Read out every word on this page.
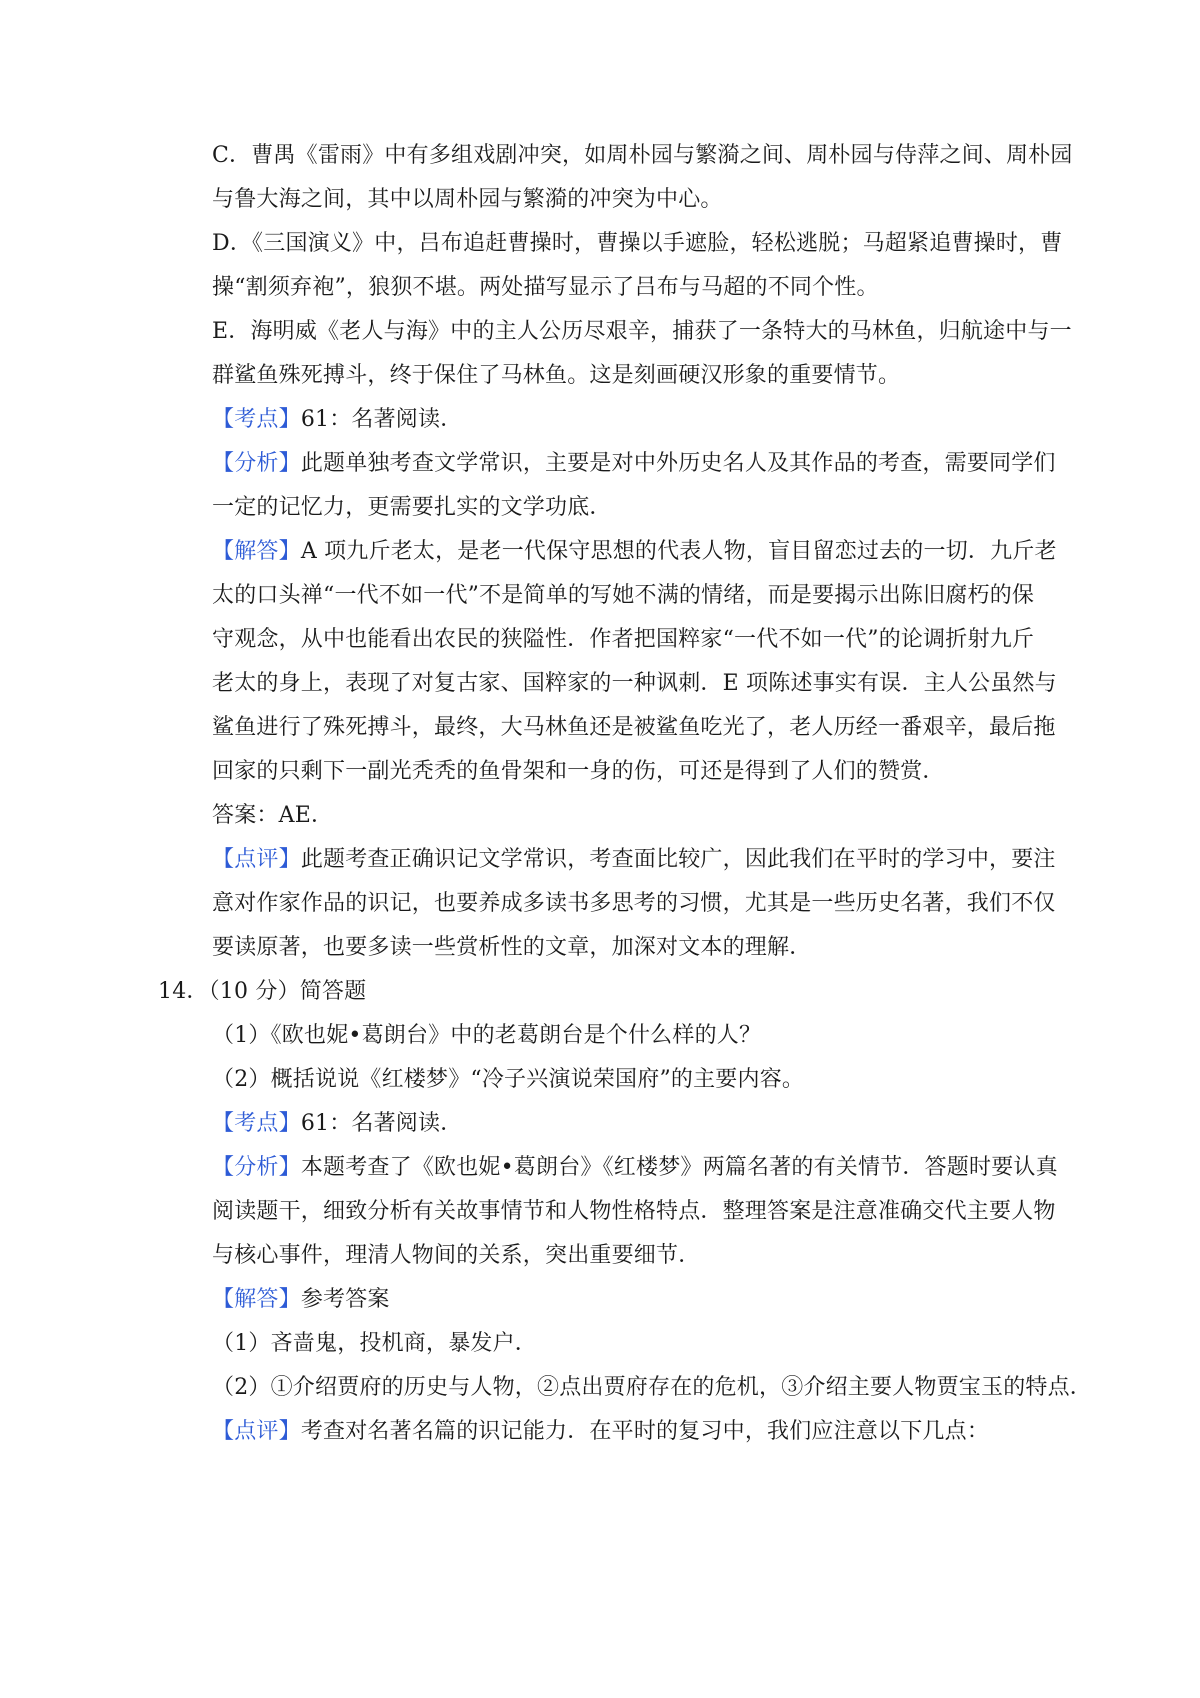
C．曹禺《雷雨》中有多组戏剧冲突，如周朴园与繁漪之间、周朴园与侍萍之间、周朴园
与鲁大海之间，其中以周朴园与繁漪的冲突为中心。
D．《三国演义》中，吕布追赶曹操时，曹操以手遮脸，轻松逃脱；马超紧追曹操时，曹
操“割须弃袍”，狼狈不堪。两处描写显示了吕布与马超的不同个性。
E．海明威《老人与海》中的主人公历尽艰辛，捕获了一条特大的马林鱼，归航途中与一
群鲨鱼殊死搏斗，终于保住了马林鱼。这是刻画硬汉形象的重要情节。
【考点】61：名著阅读．
【分析】此题单独考查文学常识，主要是对中外历史名人及其作品的考查，需要同学们
一定的记忆力，更需要扎实的文学功底．
【解答】A 项九斤老太，是老一代保守思想的代表人物，盲目留恋过去的一切．九斤老
太的口头禅“一代不如一代”不是简单的写她不满的情绪，而是要揭示出陈旧腐朽的保
守观念，从中也能看出农民的狭隘性．作者把国粹家“一代不如一代”的论调折射九斤
老太的身上，表现了对复古家、国粹家的一种讽刺．E 项陈述事实有误．主人公虽然与
鲨鱼进行了殊死搏斗，最终，大马林鱼还是被鲨鱼吃光了，老人历经一番艰辛，最后拖
回家的只剩下一副光秃秃的鱼骨架和一身的伤，可还是得到了人们的赞赏．
答案：AE．
【点评】此题考查正确识记文学常识，考查面比较广，因此我们在平时的学习中，要注
意对作家作品的识记，也要养成多读书多思考的习惯，尤其是一些历史名著，我们不仅
要读原著，也要多读一些赏析性的文章，加深对文本的理解．
14．（10 分）简答题
（1）《欧也妮•葛朗台》中的老葛朗台是个什么样的人？
（2）概括说说《红楼梦》“冷子兴演说荣国府”的主要内容。
【考点】61：名著阅读．
【分析】本题考查了《欧也妮•葛朗台》《红楼梦》两篇名著的有关情节．答题时要认真
阅读题干，细致分析有关故事情节和人物性格特点．整理答案是注意准确交代主要人物
与核心事件，理清人物间的关系，突出重要细节．
【解答】参考答案
（1）吝啬鬼，投机商，暴发户．
（2）①介绍贾府的历史与人物，②点出贾府存在的危机，③介绍主要人物贾宝玉的特点．
【点评】考查对名著名篇的识记能力．在平时的复习中，我们应注意以下几点：
